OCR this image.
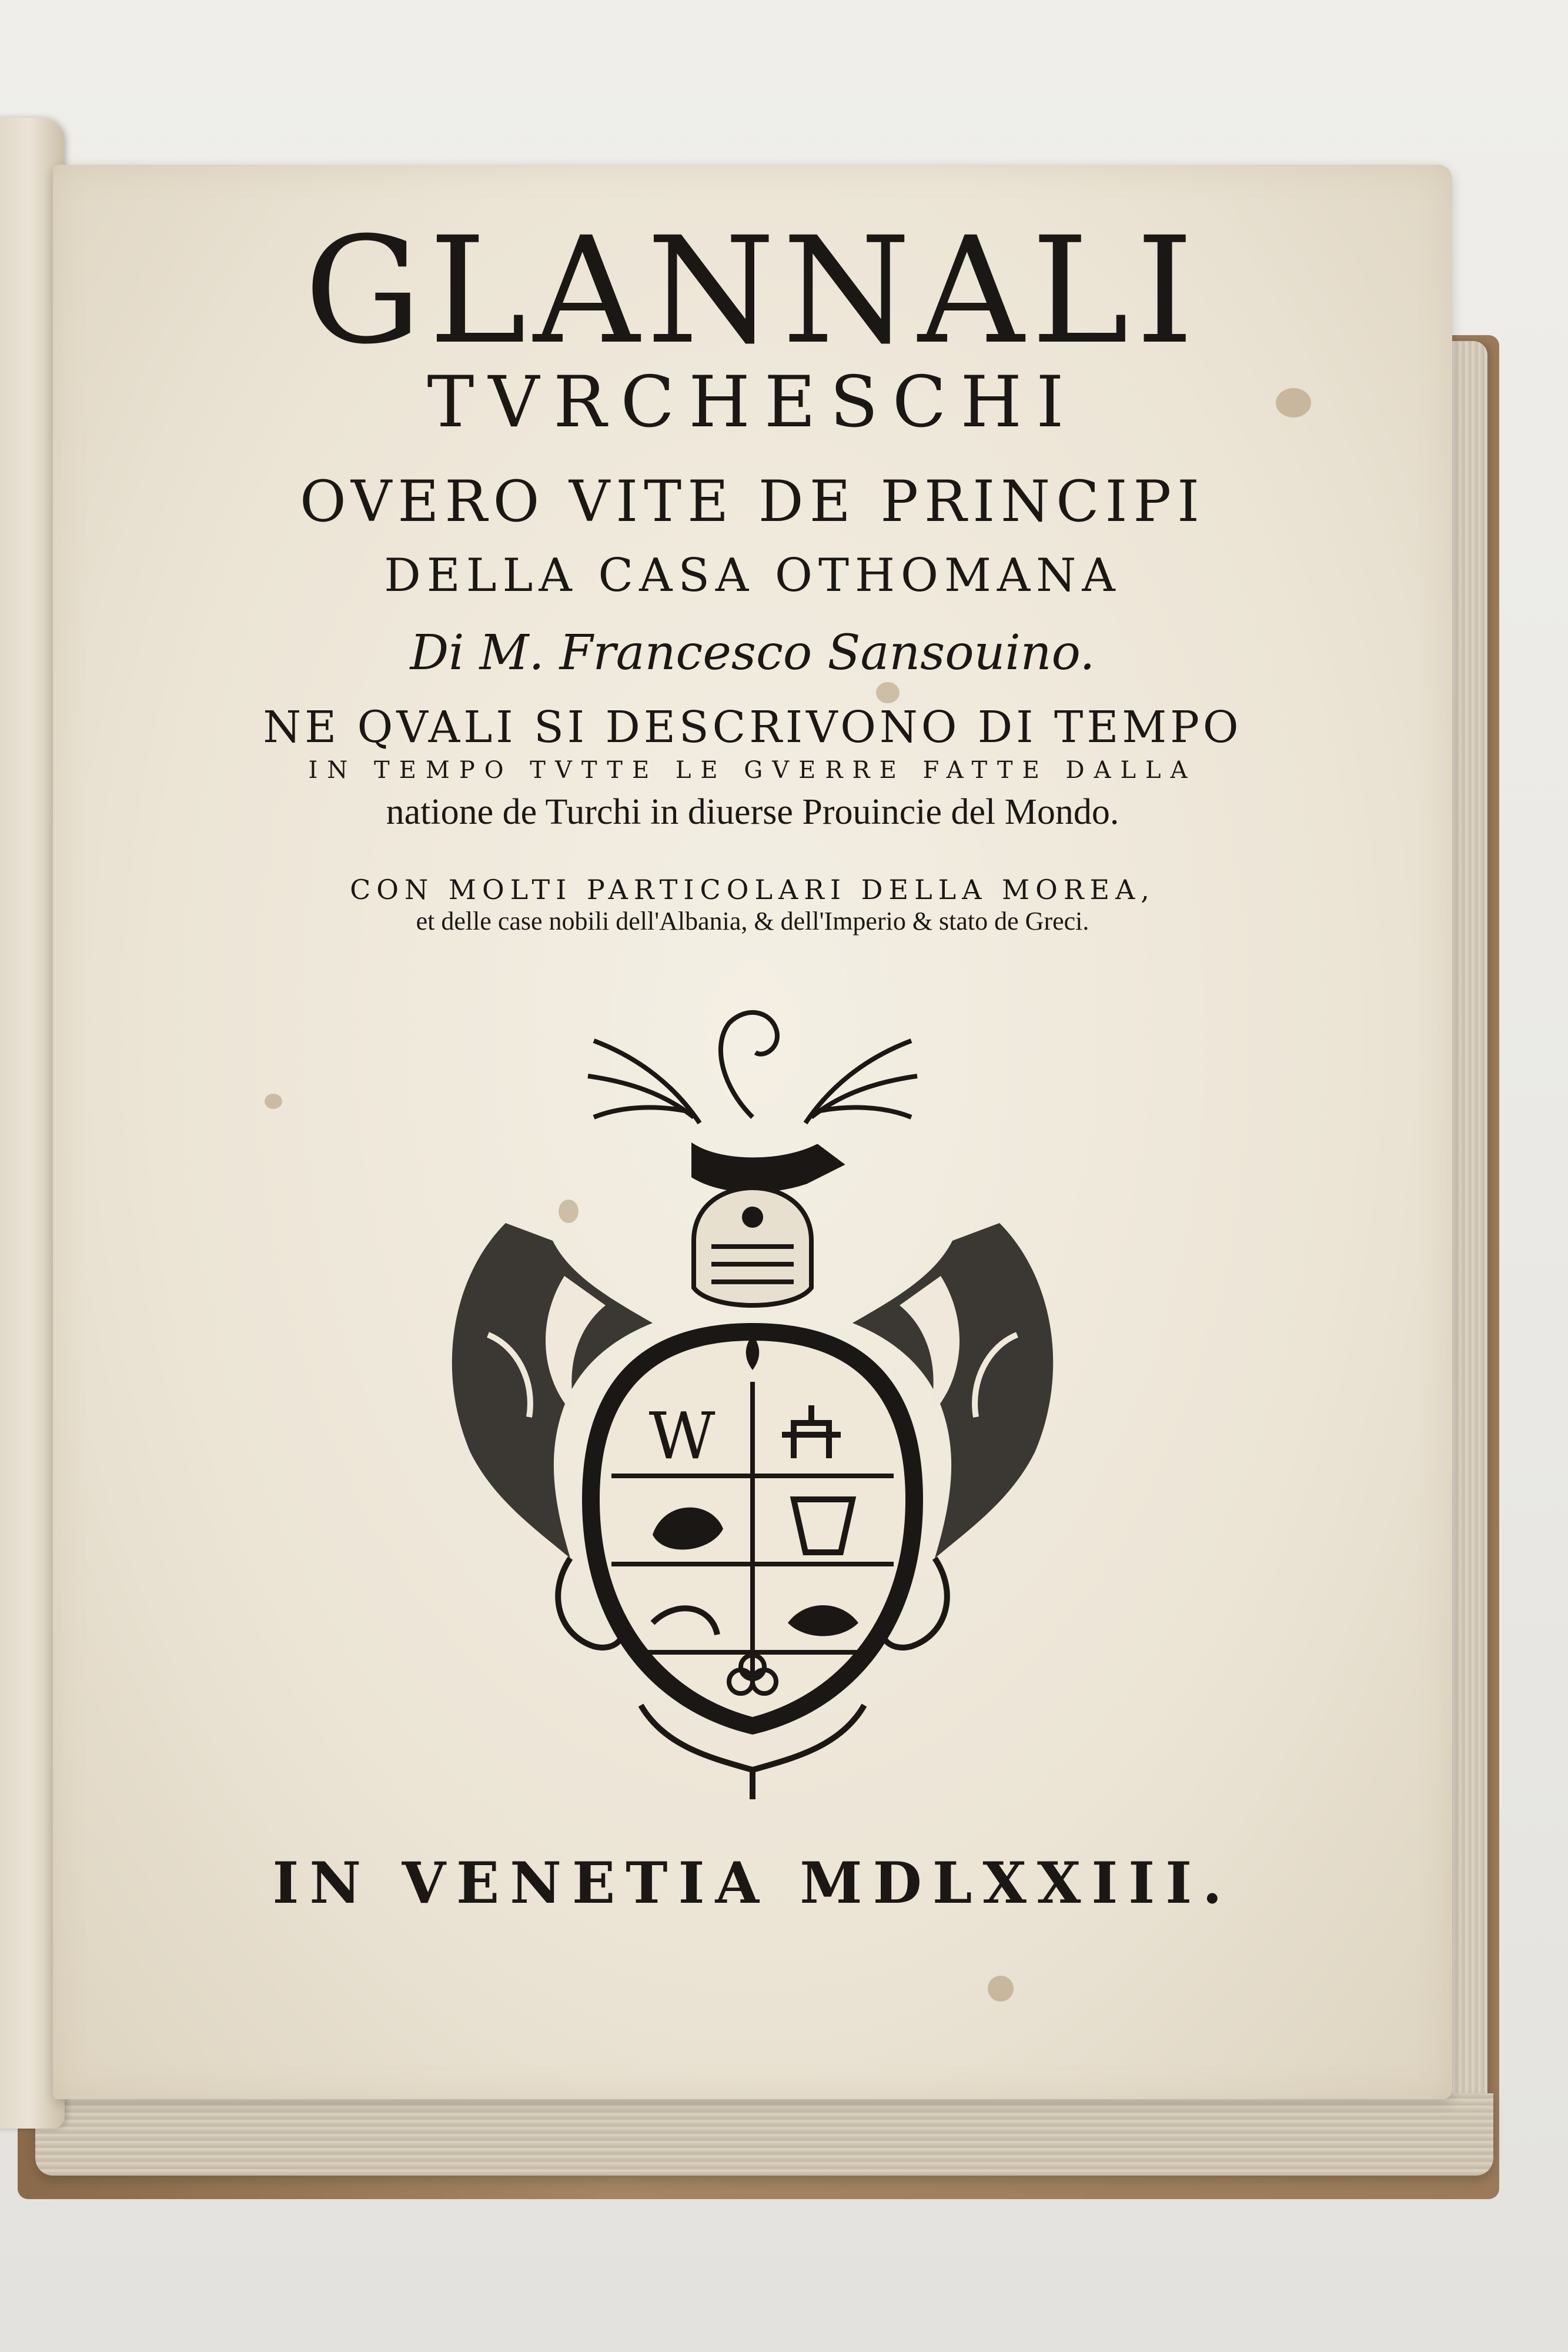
GLANNALI
TVRCHESCHI
OVERO VITE DE PRINCIPI
DELLA CASA OTHOMANA
Di M. Francesco Sansouino.
NE QVALI SI DESCRIVONO DI TEMPO
IN TEMPO TVTTE LE GVERRE FATTE DALLA
natione de Turchi in diuerse Prouincie del Mondo.
CON MOLTI PARTICOLARI DELLA MOREA,
et delle case nobili dell'Albania, & dell'Imperio & stato de Greci.
W
IN VENETIA MDLXXIII.
